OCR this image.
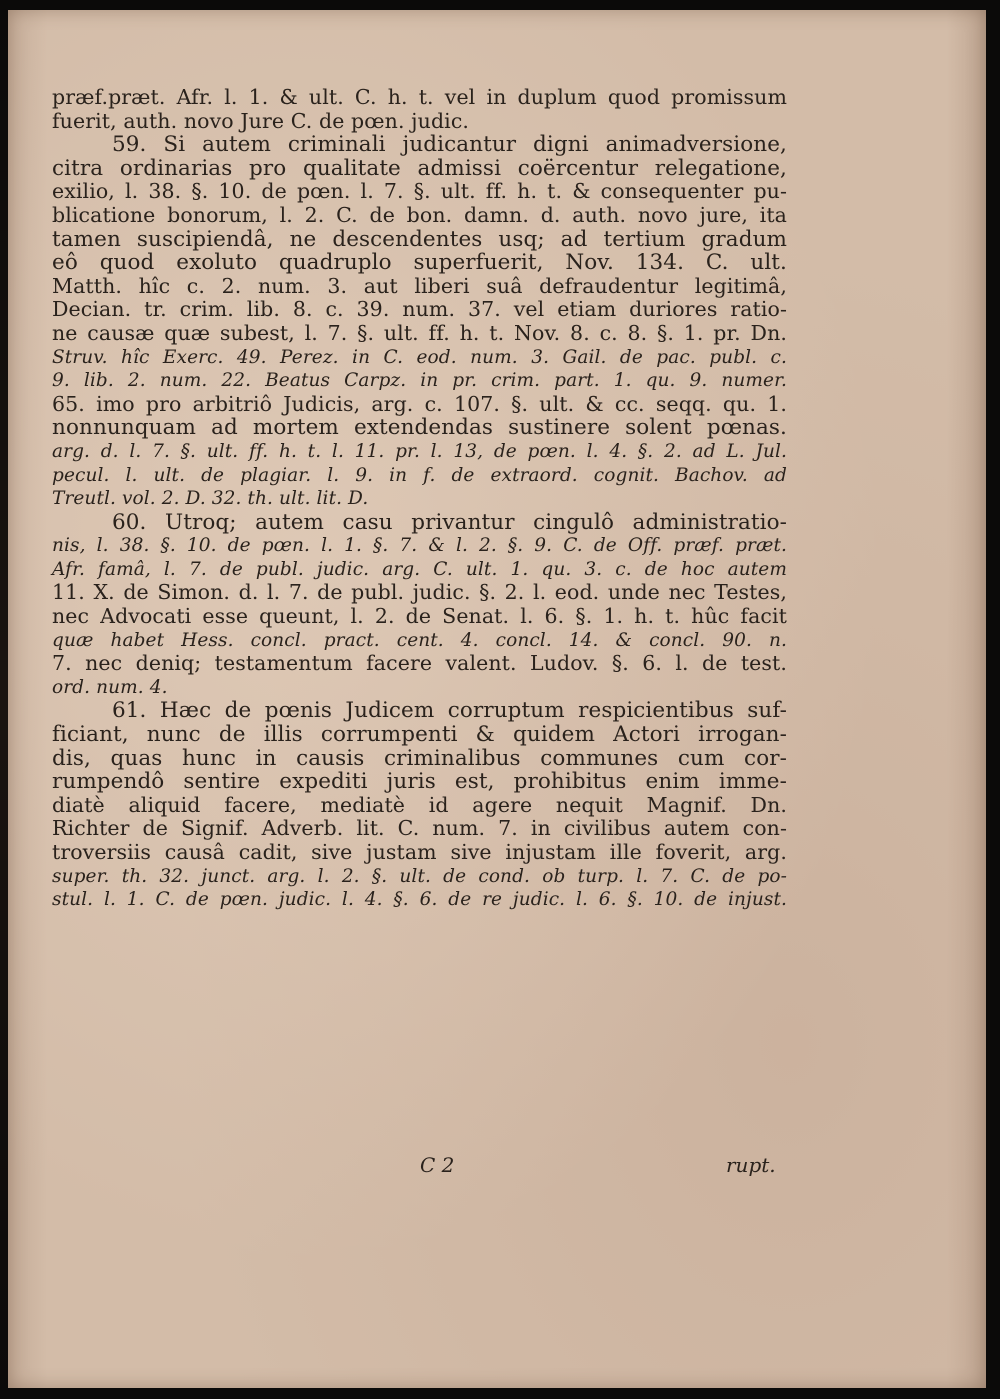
præf.præt. Afr. l. 1. & ult. C. h. t. vel in duplum quod promissum
fuerit, auth. novo Jure C. de pœn. judic.
59. Si autem criminali judicantur digni animadversione,
citra ordinarias pro qualitate admissi coërcentur relegatione,
exilio, l. 38. §. 10. de pœn. l. 7. §. ult. ff. h. t. & consequenter pu-
blicatione bonorum, l. 2. C. de bon. damn. d. auth. novo jure, ita
tamen suscipiendâ, ne descendentes usq; ad tertium gradum
eô quod exoluto quadruplo superfuerit, Nov. 134. C. ult.
Matth. hîc c. 2. num. 3. aut liberi suâ defraudentur legitimâ,
Decian. tr. crim. lib. 8. c. 39. num. 37. vel etiam duriores ratio-
ne causæ quæ subest, l. 7. §. ult. ff. h. t. Nov. 8. c. 8. §. 1. pr. Dn.
Struv. hîc Exerc. 49. Perez. in C. eod. num. 3. Gail. de pac. publ. c.
9. lib. 2. num. 22. Beatus Carpz. in pr. crim. part. 1. qu. 9. numer.
65. imo pro arbitriô Judicis, arg. c. 107. §. ult. & cc. seqq. qu. 1.
nonnunquam ad mortem extendendas sustinere solent pœnas.
arg. d. l. 7. §. ult. ff. h. t. l. 11. pr. l. 13, de pœn. l. 4. §. 2. ad L. Jul.
pecul. l. ult. de plagiar. l. 9. in f. de extraord. cognit. Bachov. ad
Treutl. vol. 2. D. 32. th. ult. lit. D.
60. Utroq; autem casu privantur cingulô administratio-
nis, l. 38. §. 10. de pœn. l. 1. §. 7. & l. 2. §. 9. C. de Off. præf. præt.
Afr. famâ, l. 7. de publ. judic. arg. C. ult. 1. qu. 3. c. de hoc autem
11. X. de Simon. d. l. 7. de publ. judic. §. 2. l. eod. unde nec Testes,
nec Advocati esse queunt, l. 2. de Senat. l. 6. §. 1. h. t. hûc facit
quæ habet Hess. concl. pract. cent. 4. concl. 14. & concl. 90. n.
7. nec deniq; testamentum facere valent. Ludov. §. 6. l. de test.
ord. num. 4.
61. Hæc de pœnis Judicem corruptum respicientibus suf-
ficiant, nunc de illis corrumpenti & quidem Actori irrogan-
dis, quas hunc in causis criminalibus communes cum cor-
rumpendô sentire expediti juris est, prohibitus enim imme-
diatè aliquid facere, mediatè id agere nequit Magnif. Dn.
Richter de Signif. Adverb. lit. C. num. 7. in civilibus autem con-
troversiis causâ cadit, sive justam sive injustam ille foverit, arg.
super. th. 32. junct. arg. l. 2. §. ult. de cond. ob turp. l. 7. C. de po-
stul. l. 1. C. de pœn. judic. l. 4. §. 6. de re judic. l. 6. §. 10. de injust.
C 2	rupt.
